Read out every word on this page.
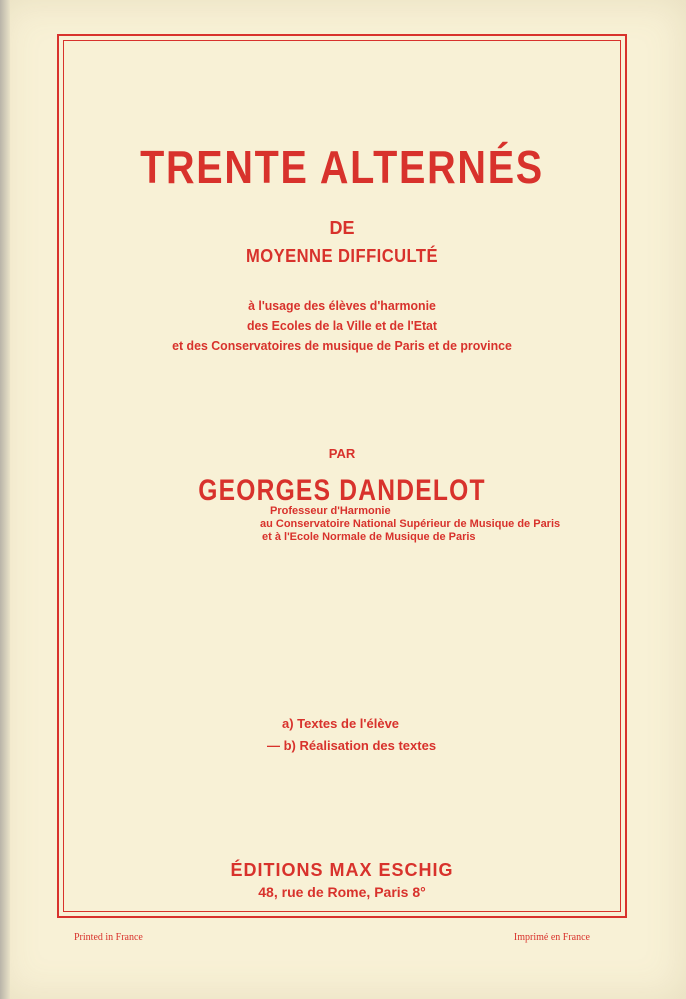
TRENTE ALTERNÉS
DE
MOYENNE DIFFICULTÉ
à l'usage des élèves d'harmonie
des Ecoles de la Ville et de l'Etat
et des Conservatoires de musique de Paris et de province
PAR
GEORGES DANDELOT
Professeur d'Harmonie
au Conservatoire National Supérieur de Musique de Paris
et à l'Ecole Normale de Musique de Paris
a) Textes de l'élève
— b) Réalisation des textes
ÉDITIONS MAX ESCHIG
48, rue de Rome, Paris 8°
Printed in France	Imprimé en France
